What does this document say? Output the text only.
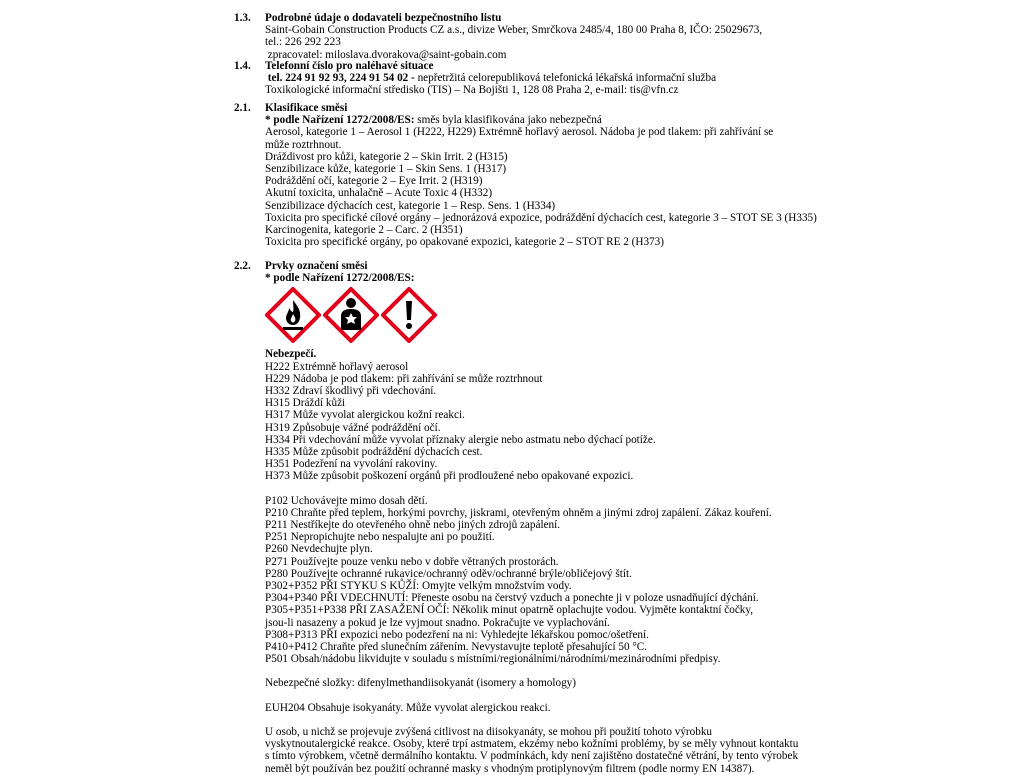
1.3. Podrobné údaje o dodavateli bezpečnostního listu
Saint-Gobain Construction Products CZ a.s., divize Weber, Smrčkova 2485/4, 180 00 Praha 8, IČO: 25029673,
tel.: 226 292 223
zpracovatel: miloslava.dvorakova@saint-gobain.com
1.4. Telefonní číslo pro naléhavé situace
tel. 224 91 92 93, 224 91 54 02 - nepřetržitá celorepubliková telefonická lékařská informační služba
Toxikologické informační středisko (TIS) – Na Bojišti 1, 128 08 Praha 2, e-mail: tis@vfn.cz
2.1. Klasifikace směsi
* podle Nařízení 1272/2008/ES: směs byla klasifikována jako nebezpečná
Aerosol, kategorie 1 – Aerosol 1 (H222, H229) Extrémně hořlavý aerosol. Nádoba je pod tlakem: při zahřívání se může roztrhnout.
Dráždivost pro kůži, kategorie 2 – Skin Irrit. 2 (H315)
Senzibilizace kůže, kategorie 1 – Skin Sens. 1 (H317)
Podráždění očí, kategorie 2 – Eye Irrit. 2 (H319)
Akutní toxicita, unhalačně – Acute Toxic 4 (H332)
Senzibilizace dýchacích cest, kategorie 1 – Resp. Sens. 1 (H334)
Toxicita pro specifické cílové orgány – jednorázová expozice, podráždění dýchacích cest, kategorie 3 – STOT SE 3 (H335)
Karcinogenita, kategorie 2 – Carc. 2 (H351)
Toxicita pro specifické orgány, po opakované expozici, kategorie 2 – STOT RE 2 (H373)
2.2. Prvky označení směsi
* podle Nařízení 1272/2008/ES:
Nebezpečí.
H222 Extrémně hořlavý aerosol
H229 Nádoba je pod tlakem: při zahřívání se může roztrhnout
H332 Zdraví škodlivý při vdechování.
H315 Dráždí kůži
H317 Může vyvolat alergickou kožní reakci.
H319 Způsobuje vážné podráždění očí.
H334 Při vdechování může vyvolat příznaky alergie nebo astmatu nebo dýchací potíže.
H335 Může způsobit podráždění dýchacích cest.
H351 Podezření na vyvolání rakoviny.
H373 Může způsobit poškození orgánů při prodloužené nebo opakované expozici.
P102 Uchovávejte mimo dosah dětí.
P210 Chraňte před teplem, horkými povrchy, jiskrami, otevřeným ohněm a jinými zdroj zapálení. Zákaz kouření.
P211 Nestříkejte do otevřeného ohně nebo jiných zdrojů zapálení.
P251 Nepropichujte nebo nespalujte ani po použití.
P260 Nevdechujte plyn.
P271 Používejte pouze venku nebo v dobře větraných prostorách.
P280 Používejte ochranné rukavice/ochranný oděv/ochranné brýle/obličejový štít.
P302+P352 PŘI STYKU S KŮŽÍ: Omyjte velkým množstvím vody.
P304+P340 PŘI VDECHNUTÍ: Přeneste osobu na čerstvý vzduch a ponechte ji v poloze usnadňující dýchání.
P305+P351+P338 PŘI ZASAŽENÍ OČÍ: Několik minut opatrně oplachujte vodou. Vyjměte kontaktní čočky, jsou-li nasazeny a pokud je lze vyjmout snadno. Pokračujte ve vyplachování.
P308+P313 PŘI expozici nebo podezření na ni: Vyhledejte lékařskou pomoc/ošetření.
P410+P412 Chraňte před slunečním zářením. Nevystavujte teplotě přesahující 50 °C.
P501 Obsah/nádobu likvidujte v souladu s místními/regionálními/národními/mezinárodními předpisy.
Nebezpečné složky: difenylmethandiisokyanát (isomery a homology)
EUH204 Obsahuje isokyanáty. Může vyvolat alergickou reakci.
U osob, u nichž se projevuje zvýšená citlivost na diisokyanáty, se mohou při použití tohoto výrobku vyskytnoutalergické reakce. Osoby, které trpí astmatem, ekzémy nebo kožními problémy, by se měly vyhnout kontaktu s tímto výrobkem, včetně dermálního kontaktu. V podmínkách, kdy není zajištěno dostatečné větrání, by tento výrobek neměl být používán bez použití ochranné masky s vhodným protiplynovým filtrem (podle normy EN 14387).
